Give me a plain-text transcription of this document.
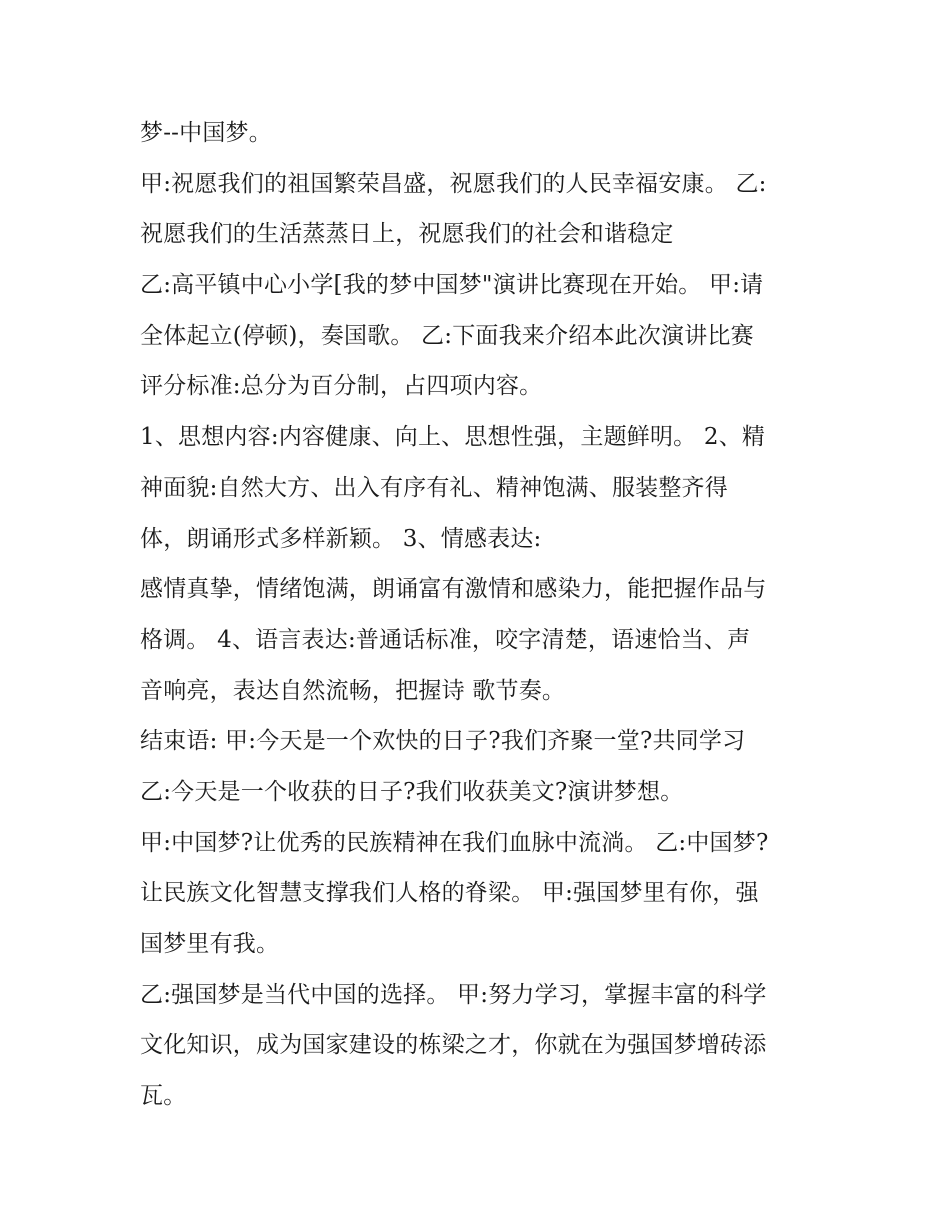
梦--中国梦。
甲:祝愿我们的祖国繁荣昌盛，祝愿我们的人民幸福安康。 乙:
祝愿我们的生活蒸蒸日上，祝愿我们的社会和谐稳定
乙:高平镇中心小学[我的梦中国梦"演讲比赛现在开始。 甲:请
全体起立(停顿)，奏国歌。 乙:下面我来介绍本此次演讲比赛
评分标准:总分为百分制，占四项内容。
1、思想内容:内容健康、向上、思想性强，主题鲜明。 2、精
神面貌:自然大方、出入有序有礼、精神饱满、服装整齐得
体，朗诵形式多样新颖。 3、情感表达:
感情真挚，情绪饱满，朗诵富有激情和感染力，能把握作品与
格调。 4、语言表达:普通话标准，咬字清楚，语速恰当、声
音响亮，表达自然流畅，把握诗 歌节奏。
结束语: 甲:今天是一个欢快的日子?我们齐聚一堂?共同学习
乙:今天是一个收获的日子?我们收获美文?演讲梦想。
甲:中国梦?让优秀的民族精神在我们血脉中流淌。 乙:中国梦?
让民族文化智慧支撑我们人格的脊梁。 甲:强国梦里有你，强
国梦里有我。
乙:强国梦是当代中国的选择。 甲:努力学习，掌握丰富的科学
文化知识，成为国家建设的栋梁之才，你就在为强国梦增砖添
瓦。
